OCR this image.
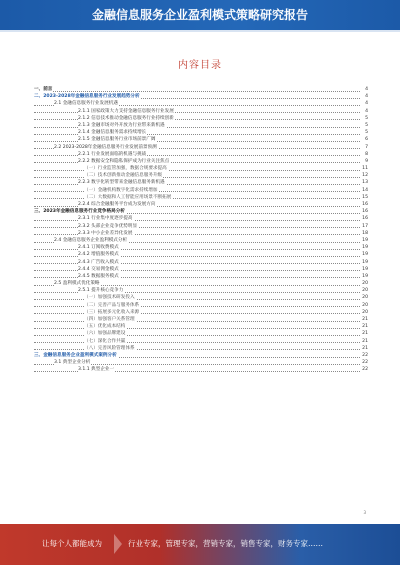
金融信息服务企业盈利模式策略研究报告
内容目录
一、前言	4
二、2023-2028年金融信息服务行业发展趋势分析	4
2.1 金融信息服务行业发展机遇	4
2.1.1 国家政策大力支持金融信息服务行业发展	4
2.1.2 信息技术推动金融信息服务行业持续创新	5
2.1.3 金融市场对外开放为行业带来新机遇	5
2.1.4 金融信息服务需求持续增长	5
2.1.5 金融信息服务行业市场前景广阔	6
2.2 2023-2028年金融信息服务行业发展前景预测	7
2.2.1 行业发展面临的机遇与挑战	8
2.2.2 数据安全和隐私保护成为行业关注焦点	9
（一）行业监管加强，数据合规要求提高	11
（二）技术创新推动金融信息服务升级	12
2.2.3 数字化转型带来金融信息服务新机遇	13
（一）金融机构数字化需求持续增加	14
（二）大数据和人工智能应用场景不断拓展	15
2.2.4 综合金融服务平台成为发展方向	16
三、2023年金融信息服务行业竞争格局分析	16
2.3.1 行业集中度逐步提高	16
2.3.2 头部企业竞争优势明显	17
2.3.3 中小企业差异化发展	18
2.4 金融信息服务企业盈利模式分析	19
2.4.1 订阅收费模式	19
2.4.2 增值服务模式	19
2.4.3 广告收入模式	19
2.4.4 交易佣金模式	19
2.4.5 数据服务模式	19
2.5 盈利模式优化策略	20
2.5.1 提升核心竞争力	20
（一）加强技术研发投入	20
（二）完善产品与服务体系	20
（三）拓展多元化收入来源	20
（四）加强客户关系管理	21
（五）优化成本结构	21
（六）加强品牌建设	21
（七）深化合作共赢	21
（八）完善风险管理体系	21
三、金融信息服务企业盈利模式案例分析	22
3.1 典型企业分析	22
3.1.1 典型企业一	22
3
让每个人都能成为	行业专家，管理专家，营销专家，销售专家，财务专家……
